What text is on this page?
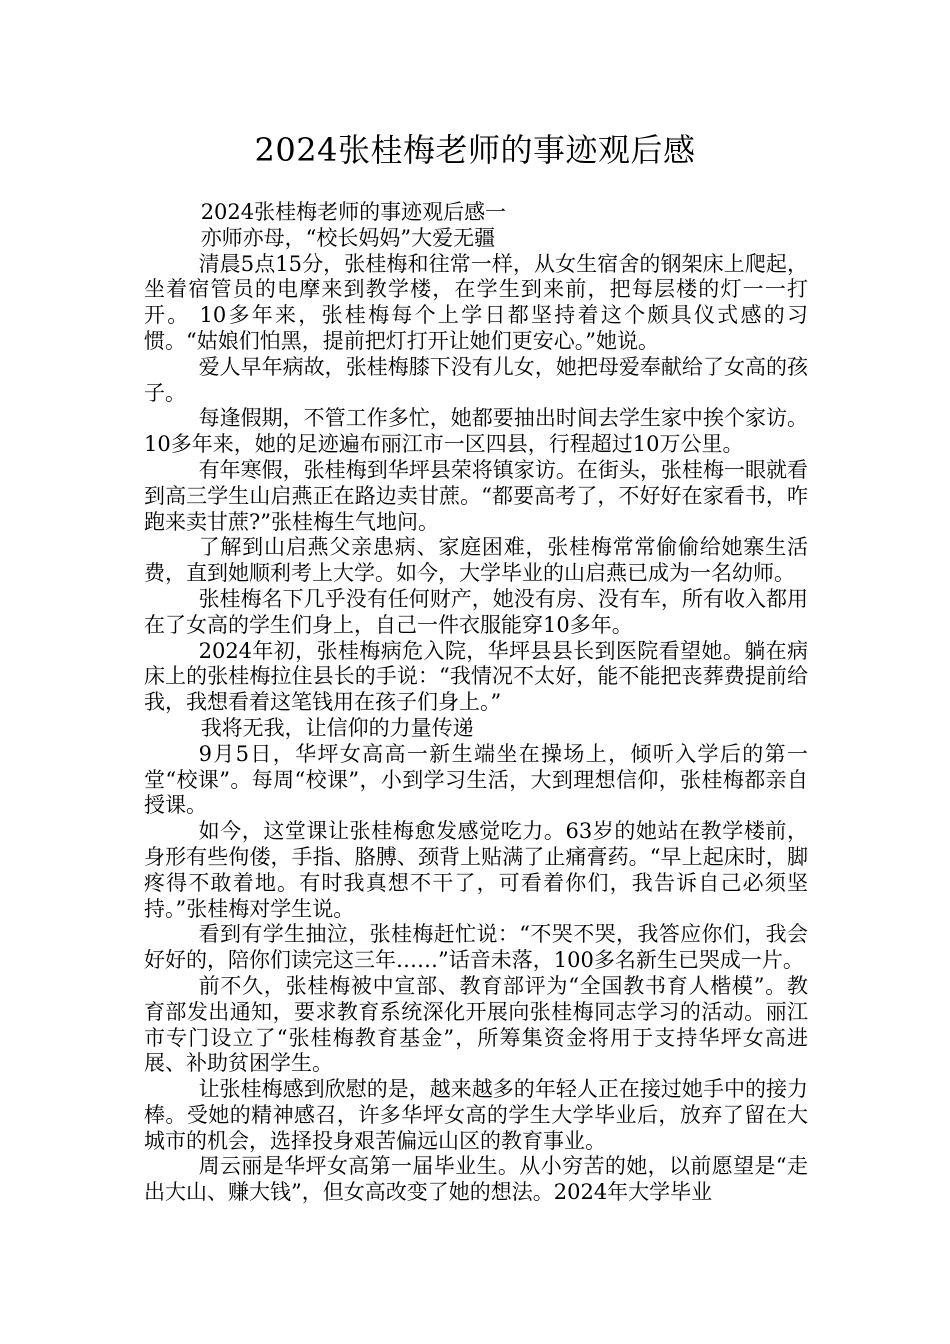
2024张桂梅老师的事迹观后感

2024张桂梅老师的事迹观后感一

亦师亦母，“校长妈妈”大爱无疆

清晨5点15分，张桂梅和往常一样，从女生宿舍的钢架床上爬起，坐着宿管员的电摩来到教学楼，在学生到来前，把每层楼的灯一一打开。 10多年来，张桂梅每个上学日都坚持着这个颇具仪式感的习惯。“姑娘们怕黑，提前把灯打开让她们更安心。”她说。

爱人早年病故，张桂梅膝下没有儿女，她把母爱奉献给了女高的孩子。

每逢假期，不管工作多忙，她都要抽出时间去学生家中挨个家访。10多年来，她的足迹遍布丽江市一区四县，行程超过10万公里。

有年寒假，张桂梅到华坪县荣将镇家访。在街头，张桂梅一眼就看到高三学生山启燕正在路边卖甘蔗。“都要高考了，不好好在家看书，咋跑来卖甘蔗?”张桂梅生气地问。

了解到山启燕父亲患病、家庭困难，张桂梅常常偷偷给她寨生活费，直到她顺利考上大学。如今，大学毕业的山启燕已成为一名幼师。

张桂梅名下几乎没有任何财产，她没有房、没有车，所有收入都用在了女高的学生们身上，自己一件衣服能穿10多年。

2024年初，张桂梅病危入院，华坪县县长到医院看望她。躺在病床上的张桂梅拉住县长的手说：“我情况不太好，能不能把丧葬费提前给我，我想看着这笔钱用在孩子们身上。”

我将无我，让信仰的力量传递

9月5日，华坪女高高一新生端坐在操场上，倾听入学后的第一堂“校课”。每周“校课”，小到学习生活，大到理想信仰，张桂梅都亲自授课。

如今，这堂课让张桂梅愈发感觉吃力。63岁的她站在教学楼前，身形有些佝偻，手指、胳膊、颈背上贴满了止痛膏药。“早上起床时，脚疼得不敢着地。有时我真想不干了，可看着你们，我告诉自己必须坚持。”张桂梅对学生说。

看到有学生抽泣，张桂梅赶忙说：“不哭不哭，我答应你们，我会好好的，陪你们读完这三年……”话音未落，100多名新生已哭成一片。

前不久，张桂梅被中宣部、教育部评为“全国教书育人楷模”。教育部发出通知，要求教育系统深化开展向张桂梅同志学习的活动。丽江市专门设立了“张桂梅教育基金”，所筹集资金将用于支持华坪女高进展、补助贫困学生。

让张桂梅感到欣慰的是，越来越多的年轻人正在接过她手中的接力棒。受她的精神感召，许多华坪女高的学生大学毕业后，放弃了留在大城市的机会，选择投身艰苦偏远山区的教育事业。

周云丽是华坪女高第一届毕业生。从小穷苦的她，以前愿望是“走出大山、赚大钱”，但女高改变了她的想法。2024年大学毕业
